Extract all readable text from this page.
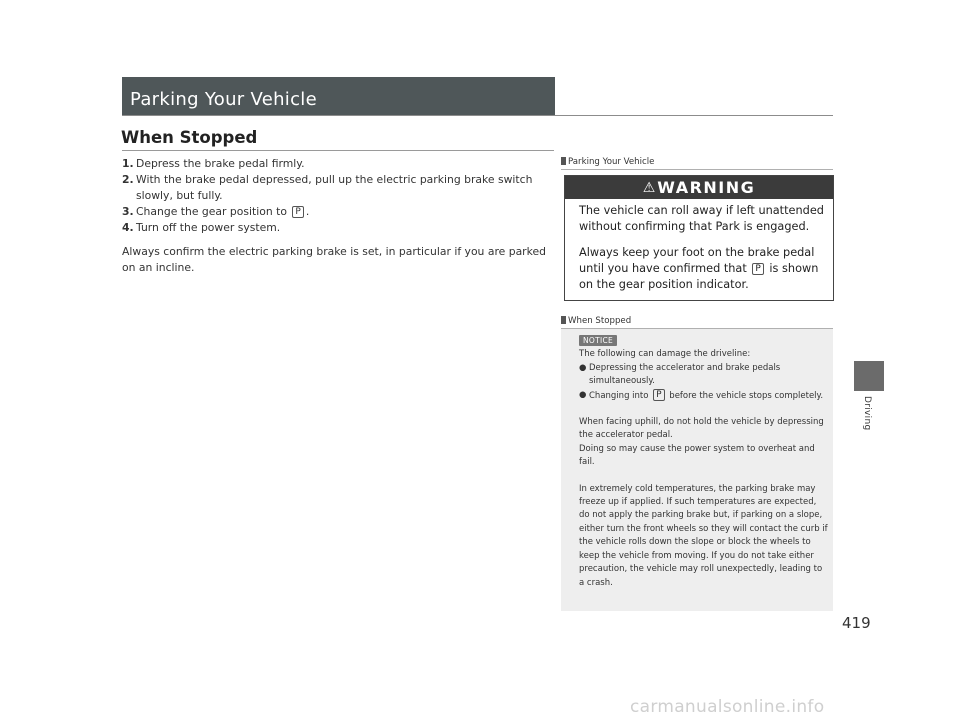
Parking Your Vehicle
When Stopped
1. Depress the brake pedal firmly.
2. With the brake pedal depressed, pull up the electric parking brake switch slowly, but fully.
3. Change the gear position to P .
4. Turn off the power system.
Always confirm the electric parking brake is set, in particular if you are parked on an incline.
Parking Your Vehicle
⚠ WARNING

The vehicle can roll away if left unattended without confirming that Park is engaged.

Always keep your foot on the brake pedal until you have confirmed that P is shown on the gear position indicator.

When Stopped
NOTICE
The following can damage the driveline:
● Depressing the accelerator and brake pedals simultaneously.
● Changing into P before the vehicle stops completely.
When facing uphill, do not hold the vehicle by depressing the accelerator pedal.
Doing so may cause the power system to overheat and fail.
In extremely cold temperatures, the parking brake may freeze up if applied. If such temperatures are expected, do not apply the parking brake but, if parking on a slope, either turn the front wheels so they will contact the curb if the vehicle rolls down the slope or block the wheels to keep the vehicle from moving. If you do not take either precaution, the vehicle may roll unexpectedly, leading to a crash.
Driving
419
carmanualsonline.info
